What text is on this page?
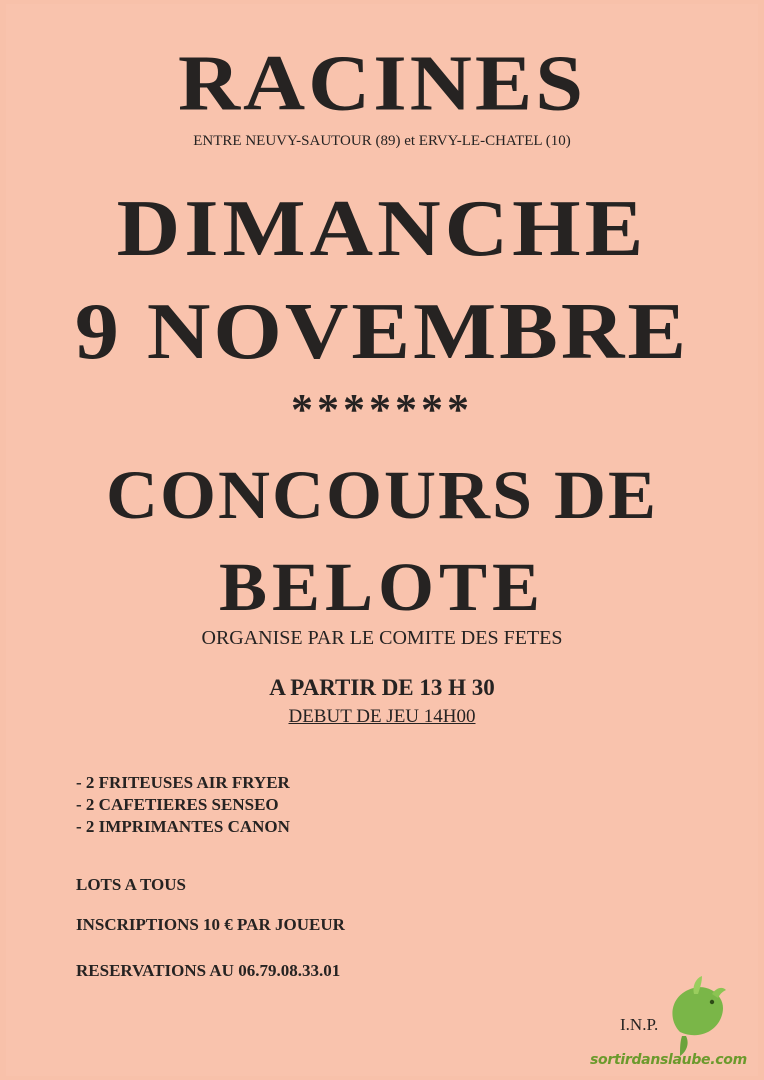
RACINES
ENTRE NEUVY-SAUTOUR (89) et ERVY-LE-CHATEL (10)
DIMANCHE
9 NOVEMBRE
*******
CONCOURS DE
BELOTE
ORGANISE PAR LE COMITE DES FETES
A PARTIR DE 13 H 30
DEBUT DE JEU 14H00
- 2 FRITEUSES AIR FRYER
- 2 CAFETIERES SENSEO
- 2 IMPRIMANTES CANON
LOTS A TOUS
INSCRIPTIONS 10 € PAR JOUEUR
RESERVATIONS AU 06.79.08.33.01
I.N.P.
sortirdanslaube.com
